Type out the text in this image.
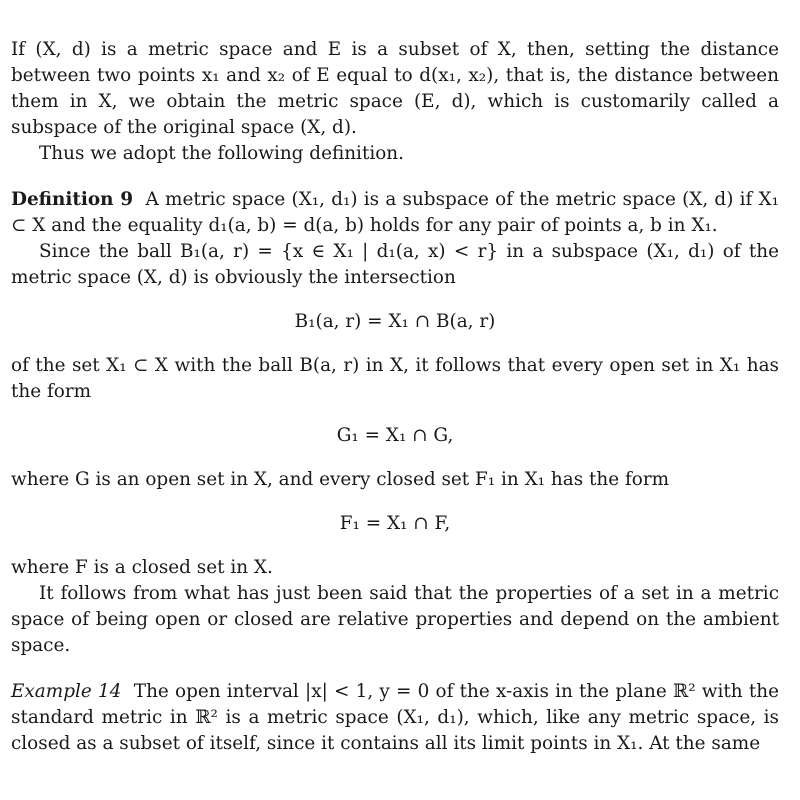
If (X, d) is a metric space and E is a subset of X, then, setting the distance between two points x₁ and x₂ of E equal to d(x₁, x₂), that is, the distance between them in X, we obtain the metric space (E, d), which is customarily called a subspace of the original space (X, d).

Thus we adopt the following definition.

Definition 9 A metric space (X₁, d₁) is a subspace of the metric space (X, d) if X₁ ⊂ X and the equality d₁(a, b) = d(a, b) holds for any pair of points a, b in X₁.

Since the ball B₁(a, r) = {x ∈ X₁ | d₁(a, x) < r} in a subspace (X₁, d₁) of the metric space (X, d) is obviously the intersection

B₁(a, r) = X₁ ∩ B(a, r)

of the set X₁ ⊂ X with the ball B(a, r) in X, it follows that every open set in X₁ has the form

G₁ = X₁ ∩ G,

where G is an open set in X, and every closed set F₁ in X₁ has the form

F₁ = X₁ ∩ F,

where F is a closed set in X.

It follows from what has just been said that the properties of a set in a metric space of being open or closed are relative properties and depend on the ambient space.

Example 14 The open interval |x| < 1, y = 0 of the x-axis in the plane ℝ² with the standard metric in ℝ² is a metric space (X₁, d₁), which, like any metric space, is closed as a subset of itself, since it contains all its limit points in X₁. At the same
